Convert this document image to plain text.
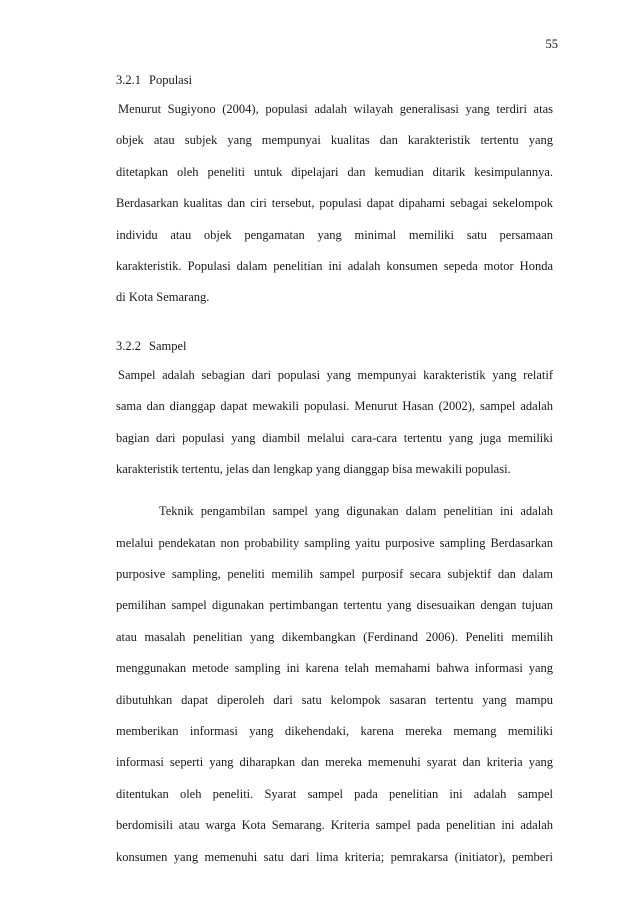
55
3.2.1 Populasi
Menurut Sugiyono (2004), populasi adalah wilayah generalisasi yang terdiri atas
objek atau subjek yang mempunyai kualitas dan karakteristik tertentu yang
ditetapkan oleh peneliti untuk dipelajari dan kemudian ditarik kesimpulannya.
Berdasarkan kualitas dan ciri tersebut, populasi dapat dipahami sebagai sekelompok
individu atau objek pengamatan yang minimal memiliki satu persamaan
karakteristik. Populasi dalam penelitian ini adalah konsumen sepeda motor Honda
di Kota Semarang.
3.2.2 Sampel
Sampel adalah sebagian dari populasi yang mempunyai karakteristik yang relatif
sama dan dianggap dapat mewakili populasi. Menurut Hasan (2002), sampel adalah
bagian dari populasi yang diambil melalui cara-cara tertentu yang juga memiliki
karakteristik tertentu, jelas dan lengkap yang dianggap bisa mewakili populasi.
Teknik pengambilan sampel yang digunakan dalam penelitian ini adalah
melalui pendekatan non probability sampling yaitu purposive sampling Berdasarkan
purposive sampling, peneliti memilih sampel purposif secara subjektif dan dalam
pemilihan sampel digunakan pertimbangan tertentu yang disesuaikan dengan tujuan
atau masalah penelitian yang dikembangkan (Ferdinand 2006). Peneliti memilih
menggunakan metode sampling ini karena telah memahami bahwa informasi yang
dibutuhkan dapat diperoleh dari satu kelompok sasaran tertentu yang mampu
memberikan informasi yang dikehendaki, karena mereka memang memiliki
informasi seperti yang diharapkan dan mereka memenuhi syarat dan kriteria yang
ditentukan oleh peneliti. Syarat sampel pada penelitian ini adalah sampel
berdomisili atau warga Kota Semarang. Kriteria sampel pada penelitian ini adalah
konsumen yang memenuhi satu dari lima kriteria; pemrakarsa (initiator), pemberi
